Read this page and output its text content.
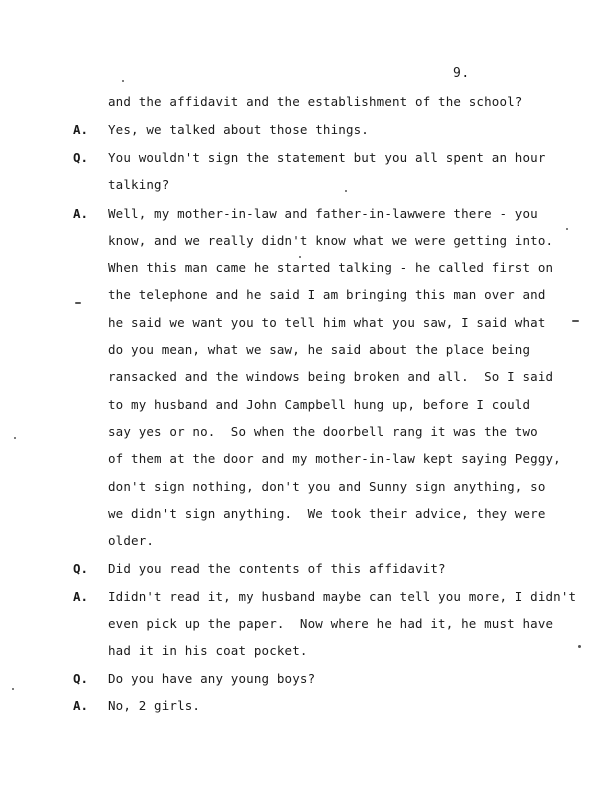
9.
and the affidavit and the establishment of the school?
A. Yes, we talked about those things.
Q. You wouldn't sign the statement but you all spent an hour
talking?
A. Well, my mother-in-law and father-in-lawwere there - you
know, and we really didn't know what we were getting into.
When this man came he started talking - he called first on
the telephone and he said I am bringing this man over and
he said we want you to tell him what you saw, I said what
do you mean, what we saw, he said about the place being
ransacked and the windows being broken and all.  So I said
to my husband and John Campbell hung up, before I could
say yes or no.  So when the doorbell rang it was the two
of them at the door and my mother-in-law kept saying Peggy,
don't sign nothing, don't you and Sunny sign anything, so
we didn't sign anything.  We took their advice, they were
older.
Q. Did you read the contents of this affidavit?
A. Ididn't read it, my husband maybe can tell you more, I didn't
even pick up the paper.  Now where he had it, he must have
had it in his coat pocket.
Q. Do you have any young boys?
A. No, 2 girls.
